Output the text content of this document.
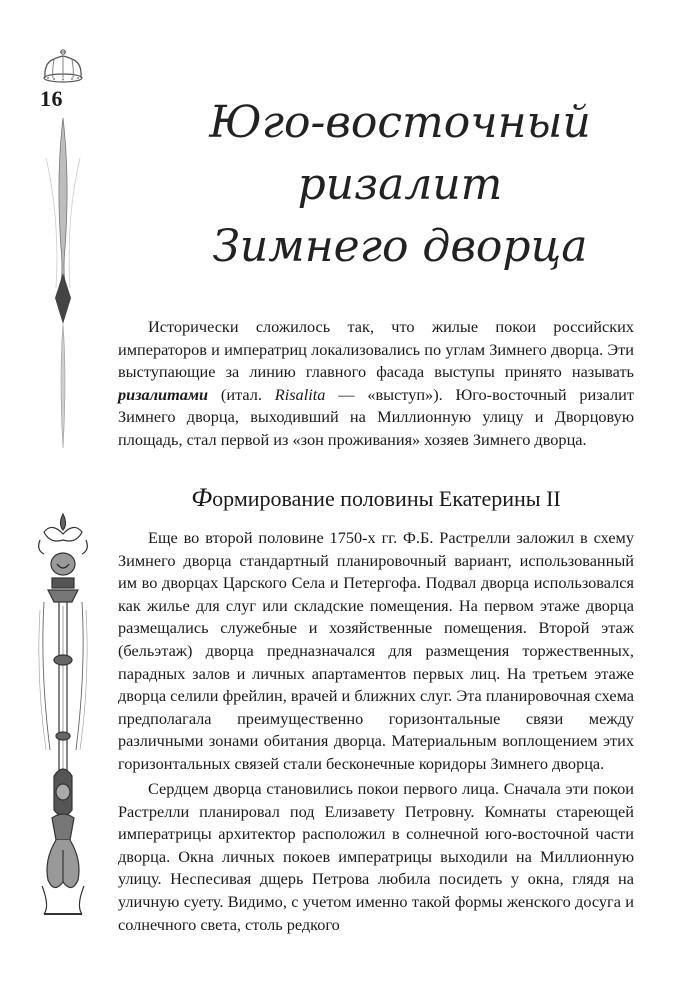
16	Юго-восточный
ризалит
Зимнего дворца

Исторически сложилось так, что жилые покои российских императоров и императриц локализовались по углам Зимнего дворца. Эти выступающие за линию главного фасада выступы принято называть ризалитами (итал. Risalita — «выступ»). Юго-восточный ризалит Зимнего дворца, выходивший на Миллионную улицу и Дворцовую площадь, стал первой из «зон проживания» хозяев Зимнего дворца.

Формирование половины Екатерины II

Еще во второй половине 1750-х гг. Ф.Б. Растрелли заложил в схему Зимнего дворца стандартный планировочный вариант, использованный им во дворцах Царского Села и Петергофа. Подвал дворца использовался как жилье для слуг или складские помещения. На первом этаже дворца размещались служебные и хозяйственные помещения. Второй этаж (бельэтаж) дворца предназначался для размещения торжественных, парадных залов и личных апартаментов первых лиц. На третьем этаже дворца селили фрейлин, врачей и ближних слуг. Эта планировочная схема предполагала преимущественно горизонтальные связи между различными зонами обитания дворца. Материальным воплощением этих горизонтальных связей стали бесконечные коридоры Зимнего дворца.

Сердцем дворца становились покои первого лица. Сначала эти покои Растрелли планировал под Елизавету Петровну. Комнаты стареющей императрицы архитектор расположил в солнечной юго-восточной части дворца. Окна личных покоев императрицы выходили на Миллионную улицу. Неспесивая дщерь Петрова любила посидеть у окна, глядя на уличную суету. Видимо, с учетом именно такой формы женского досуга и солнечного света, столь редкого
